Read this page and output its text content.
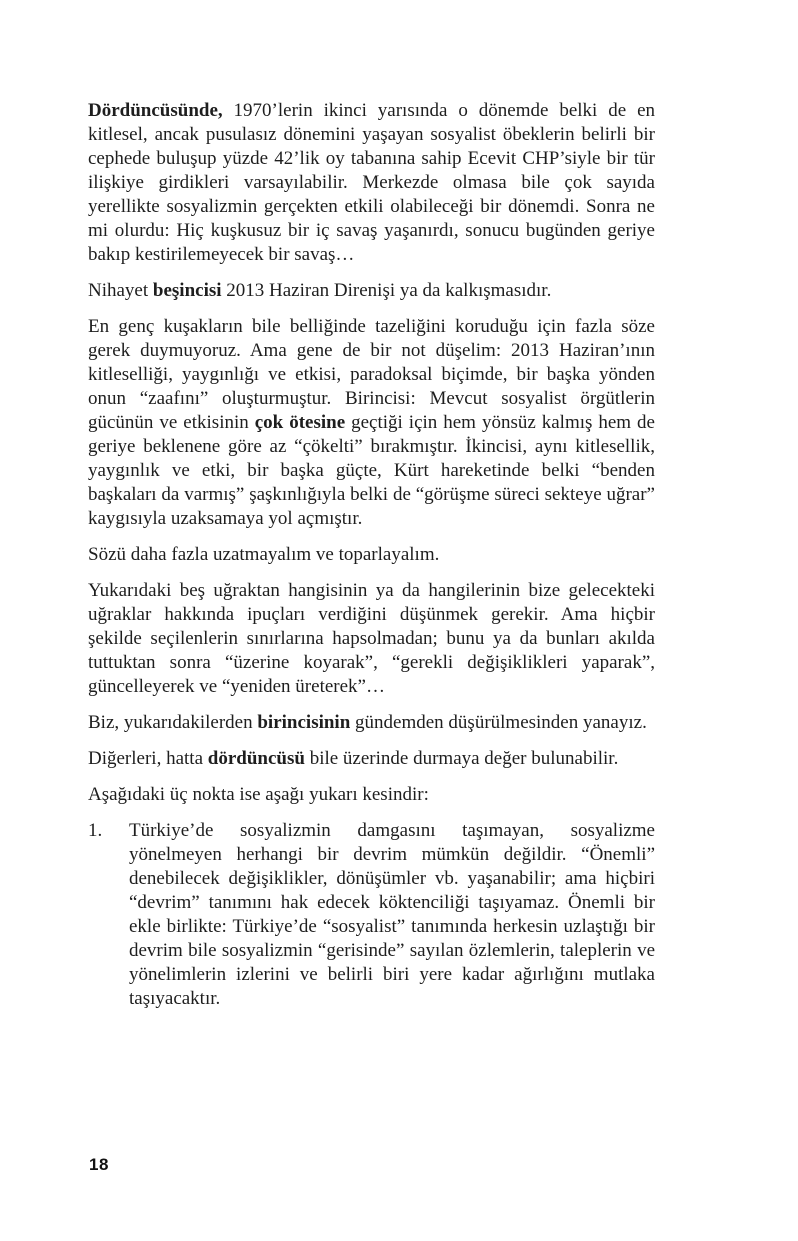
Dördüncüsünde, 1970’lerin ikinci yarısında o dönemde belki de en kitlesel, ancak pusulasız dönemini yaşayan sosyalist öbeklerin belirli bir cephede buluşup yüzde 42’lik oy tabanına sahip Ecevit CHP’siyle bir tür ilişkiye girdikleri varsayılabilir. Merkezde olmasa bile çok sayıda yerellikte sosyalizmin gerçekten etkili olabileceği bir dönemdi. Sonra ne mi olurdu: Hiç kuşkusuz bir iç savaş yaşanırdı, sonucu bugünden geriye bakıp kestirilemeyecek bir savaş…

Nihayet beşincisi 2013 Haziran Direnişi ya da kalkışmasıdır.

En genç kuşakların bile belliğinde tazeliğini koruduğu için fazla söze gerek duymuyoruz. Ama gene de bir not düşelim: 2013 Haziran’ının kitleselliği, yaygınlığı ve etkisi, paradoksal biçimde, bir başka yönden onun “zaafını” oluşturmuştur. Birincisi: Mevcut sosyalist örgütlerin gücünün ve etkisinin çok ötesine geçtiği için hem yönsüz kalmış hem de geriye beklenene göre az “çökelti” bırakmıştır. İkincisi, aynı kitlesellik, yaygınlık ve etki, bir başka güçte, Kürt hareketinde belki “benden başkaları da varmış” şaşkınlığıyla belki de “görüşme süreci sekteye uğrar” kaygısıyla uzaksamaya yol açmıştır.

Sözü daha fazla uzatmayalım ve toparlayalım.

Yukarıdaki beş uğraktan hangisinin ya da hangilerinin bize gelecekteki uğraklar hakkında ipuçları verdiğini düşünmek gerekir. Ama hiçbir şekilde seçilenlerin sınırlarına hapsolmadan; bunu ya da bunları akılda tuttuktan sonra “üzerine koyarak”, “gerekli değişiklikleri yaparak”, güncelleyerek ve “yeniden üreterek”…

Biz, yukarıdakilerden birincisinin gündemden düşürülmesinden yanayız.

Diğerleri, hatta dördüncüsü bile üzerinde durmaya değer bulunabilir.

Aşağıdaki üç nokta ise aşağı yukarı kesindir:

1.	Türkiye’de sosyalizmin damgasını taşımayan, sosyalizme yönelmeyen herhangi bir devrim mümkün değildir. “Önemli” denebilecek değişiklikler, dönüşümler vb. yaşanabilir; ama hiçbiri “devrim” tanımını hak edecek köktenciliği taşıyamaz. Önemli bir ekle birlikte: Türkiye’de “sosyalist” tanımında herkesin uzlaştığı bir devrim bile sosyalizmin “gerisinde” sayılan özlemlerin, taleplerin ve yönelimlerin izlerini ve belirli biri yere kadar ağırlığını mutlaka taşıyacaktır.
18
